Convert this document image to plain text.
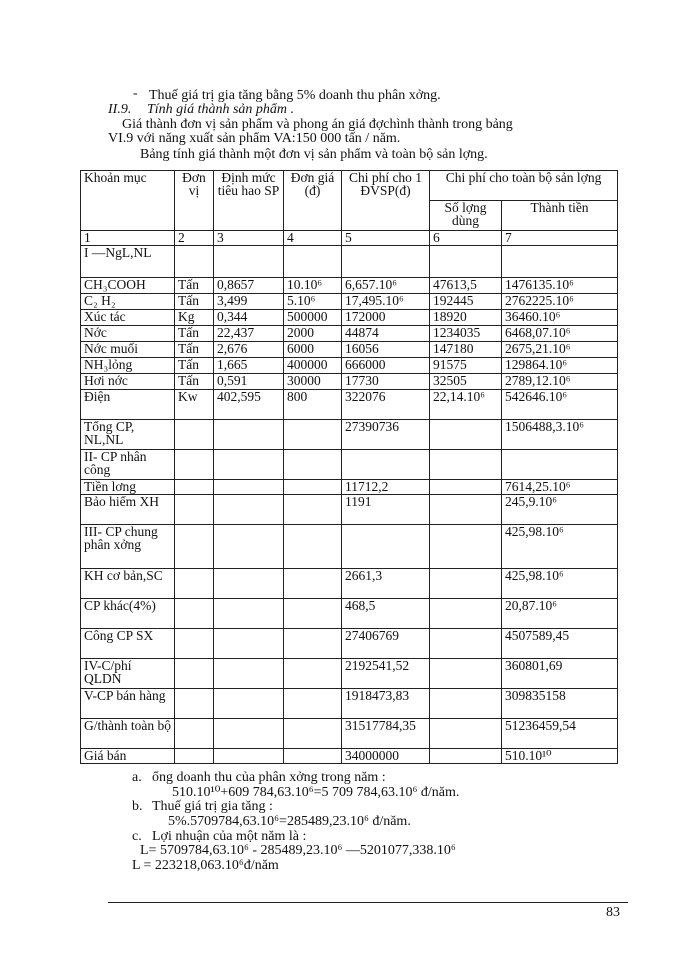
- Thuế giá trị gia tăng bằng 5% doanh thu phân xởng.
II.9. Tính giá thành sản phẩm .
Giá thành đơn vị sản phẩm và phong án giá đợchình thành trong bảng
VI.9 với năng xuất sản phẩm VA:150 000 tấn / năm.
Bảng tính giá thành một đơn vị sản phẩm và toàn bộ sản lợng.
Khoản mục	Đơn vị	Định mức tiêu hao SP	Đơn giá (đ)	Chi phí cho 1 ĐVSP(đ)	Chi phí cho toàn bộ sản lợng	
					Số lợng dùng	Thành tiền
1	2	3	4	5	6	7
I —NgL,NL						
CH₃COOH	Tấn	0,8657	10.10⁶	6,657.10⁶	47613,5	1476135.10⁶
C₂ H₂	Tấn	3,499	5.10⁶	17,495.10⁶	192445	2762225.10⁶
Xúc tác	Kg	0,344	500000	172000	18920	36460.10⁶
Nớc	Tấn	22,437	2000	44874	1234035	6468,07.10⁶
Nớc muối	Tấn	2,676	6000	16056	147180	2675,21.10⁶
NH₃lỏng	Tấn	1,665	400000	666000	91575	129864.10⁶
Hơi nớc	Tấn	0,591	30000	17730	32505	2789,12.10⁶
Điện	Kw	402,595	800	322076	22,14.10⁶	542646.10⁶
Tổng CP, NL,NL				27390736		1506488,3.10⁶
II- CP nhân công						
Tiền lơng				11712,2		7614,25.10⁶
Bảo hiểm XH				1191		245,9.10⁶
III- CP chung phân xởng						425,98.10⁶
KH cơ bản,SC				2661,3		425,98.10⁶
CP khác(4%)				468,5		20,87.10⁶
Công CP SX				27406769		4507589,45
IV-C/phí QLDN				2192541,52		360801,69
V-CP bán hàng				1918473,83		309835158
G/thành toàn bộ				31517784,35		51236459,54
Giá bán				34000000		510.10¹⁰
a. ổng doanh thu của phân xởng trong năm :
510.10¹⁰+609 784,63.10⁶=5 709 784,63.10⁶ đ/năm.
b. Thuế giá trị gia tăng :
5%.5709784,63.10⁶=285489,23.10⁶ đ/năm.
c. Lợi nhuận của một năm là :
L= 5709784,63.10⁶ - 285489,23.10⁶ —5201077,338.10⁶
L = 223218,063.10⁶đ/năm
83
